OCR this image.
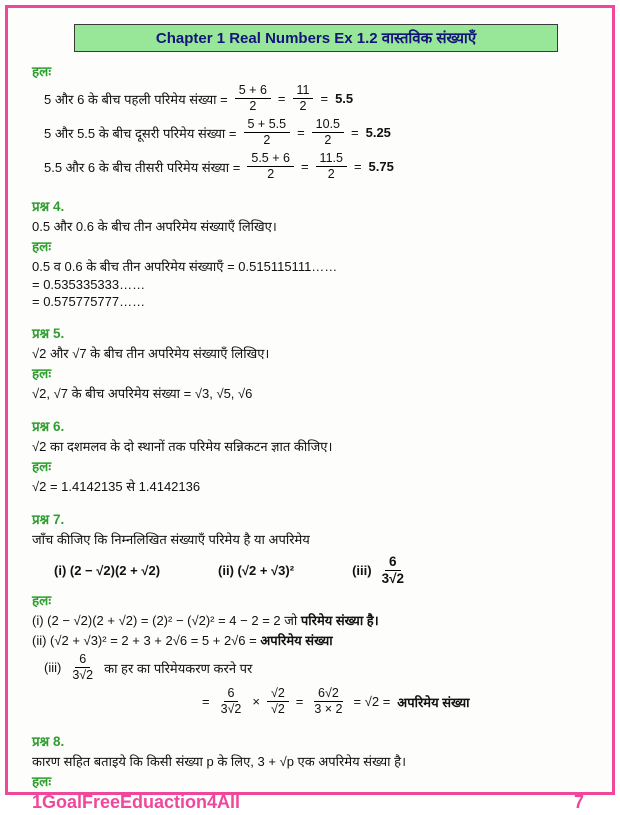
Chapter 1 Real Numbers Ex 1.2 वास्तविक संख्याएँ
हलः
5 और 6 के बीच पहली परिमेय संख्या = $\frac{5 + 6}{2} = \frac{11}{2} = 5.5$
5 और 5.5 के बीच दूसरी परिमेय संख्या = $\frac{5 + 5.5}{2} = \frac{10.5}{2} = 5.25$
5.5 और 6 के बीच तीसरी परिमेय संख्या = $\frac{5.5 + 6}{2} = \frac{11.5}{2} = 5.75$
प्रश्न 4.
0.5 और 0.6 के बीच तीन अपरिमेय संख्याएँ लिखिए।
हलः
0.5 व 0.6 के बीच तीन अपरिमेय संख्याएँ = 0.515115111……
= 0.535335333……
= 0.575775777……
प्रश्न 5.
√2 और √7 के बीच तीन अपरिमेय संख्याएँ लिखिए।
हलः
√2, √7 के बीच अपरिमेय संख्या = √3, √5, √6
प्रश्न 6.
√2 का दशमलव के दो स्थानों तक परिमेय सन्निकटन ज्ञात कीजिए।
हलः
√2 = 1.4142135 से 1.4142136
प्रश्न 7.
जाँच कीजिए कि निम्नलिखित संख्याएँ परिमेय है या अपरिमेय
(i) (2 − √2)(2 + √2)	(ii) (√2 + √3)²	$(iii) \frac{6}{3√2}$
हलः
(i) (2 − √2)(2 + √2) = (2)² − (√2)² = 4 − 2 = 2 जो परिमेय संख्या है।
(ii) (√2 + √3)² = 2 + 3 + 2√6 = 5 + 2√6 = अपरिमेय संख्या
$(iii) \frac{6}{3√2}$ का हर का परिमेयकरण करने पर
= $\frac{6}{3√2} \times \frac{√2}{√2} = \frac{6√2}{3 \times 2} = √2$ = अपरिमेय संख्या
प्रश्न 8.
कारण सहित बताइये कि किसी संख्या p के लिए, 3 + √p एक अपरिमेय संख्या है।
हलः
1GoalFreeEduaction4All	7
